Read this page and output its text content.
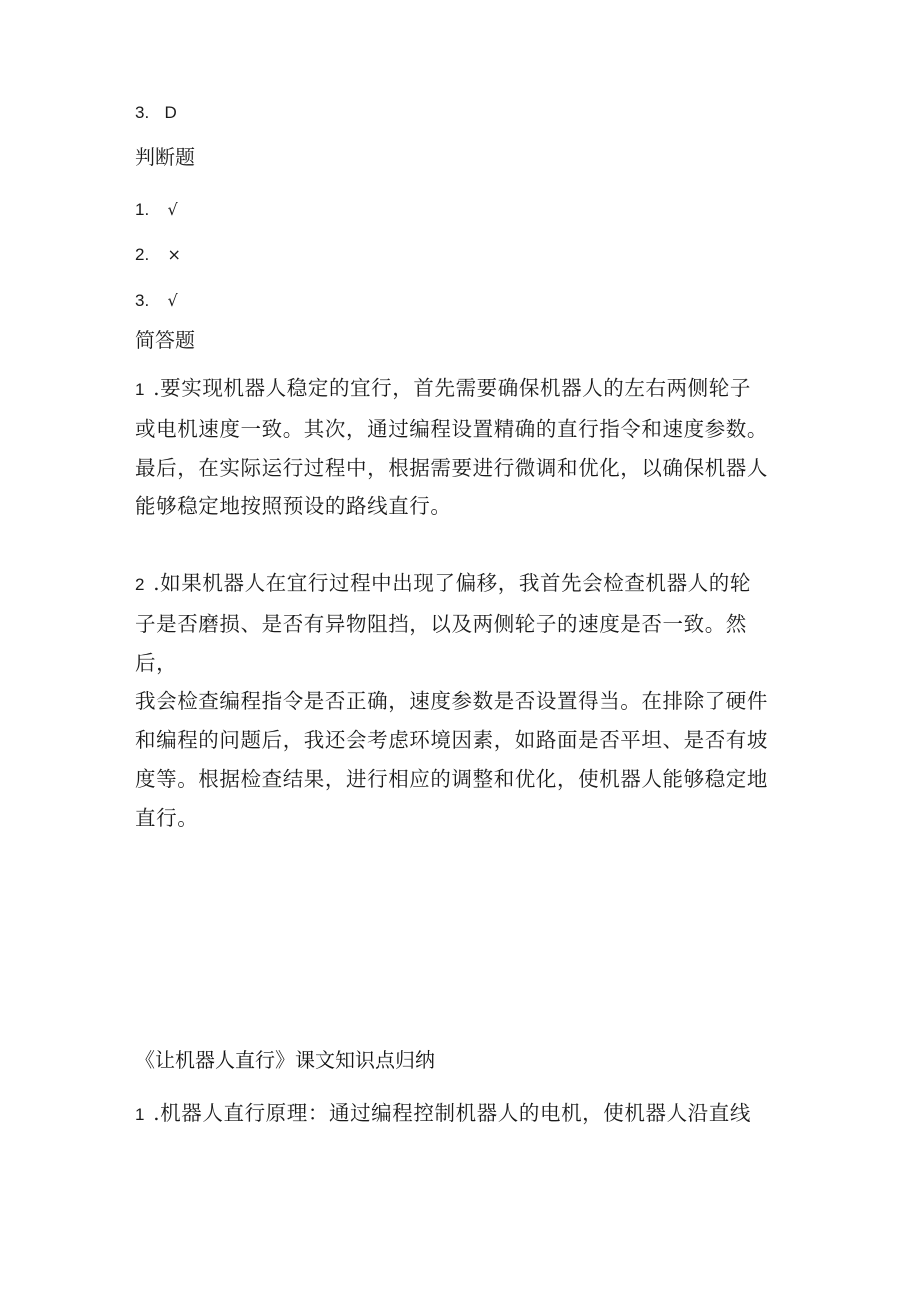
3. D
判断题
1. √
2. ×
3. √
简答题
1 .要实现机器人稳定的宜行，首先需要确保机器人的左右两侧轮子
或电机速度一致。其次，通过编程设置精确的直行指令和速度参数。
最后，在实际运行过程中，根据需要进行微调和优化，以确保机器人
能够稳定地按照预设的路线直行。
2 .如果机器人在宜行过程中出现了偏移，我首先会检查机器人的轮
子是否磨损、是否有异物阻挡，以及两侧轮子的速度是否一致。然后，
我会检查编程指令是否正确，速度参数是否设置得当。在排除了硬件
和编程的问题后，我还会考虑环境因素，如路面是否平坦、是否有坡
度等。根据检查结果，进行相应的调整和优化，使机器人能够稳定地
直行。
《让机器人直行》课文知识点归纳
1 .机器人直行原理：通过编程控制机器人的电机，使机器人沿直线
